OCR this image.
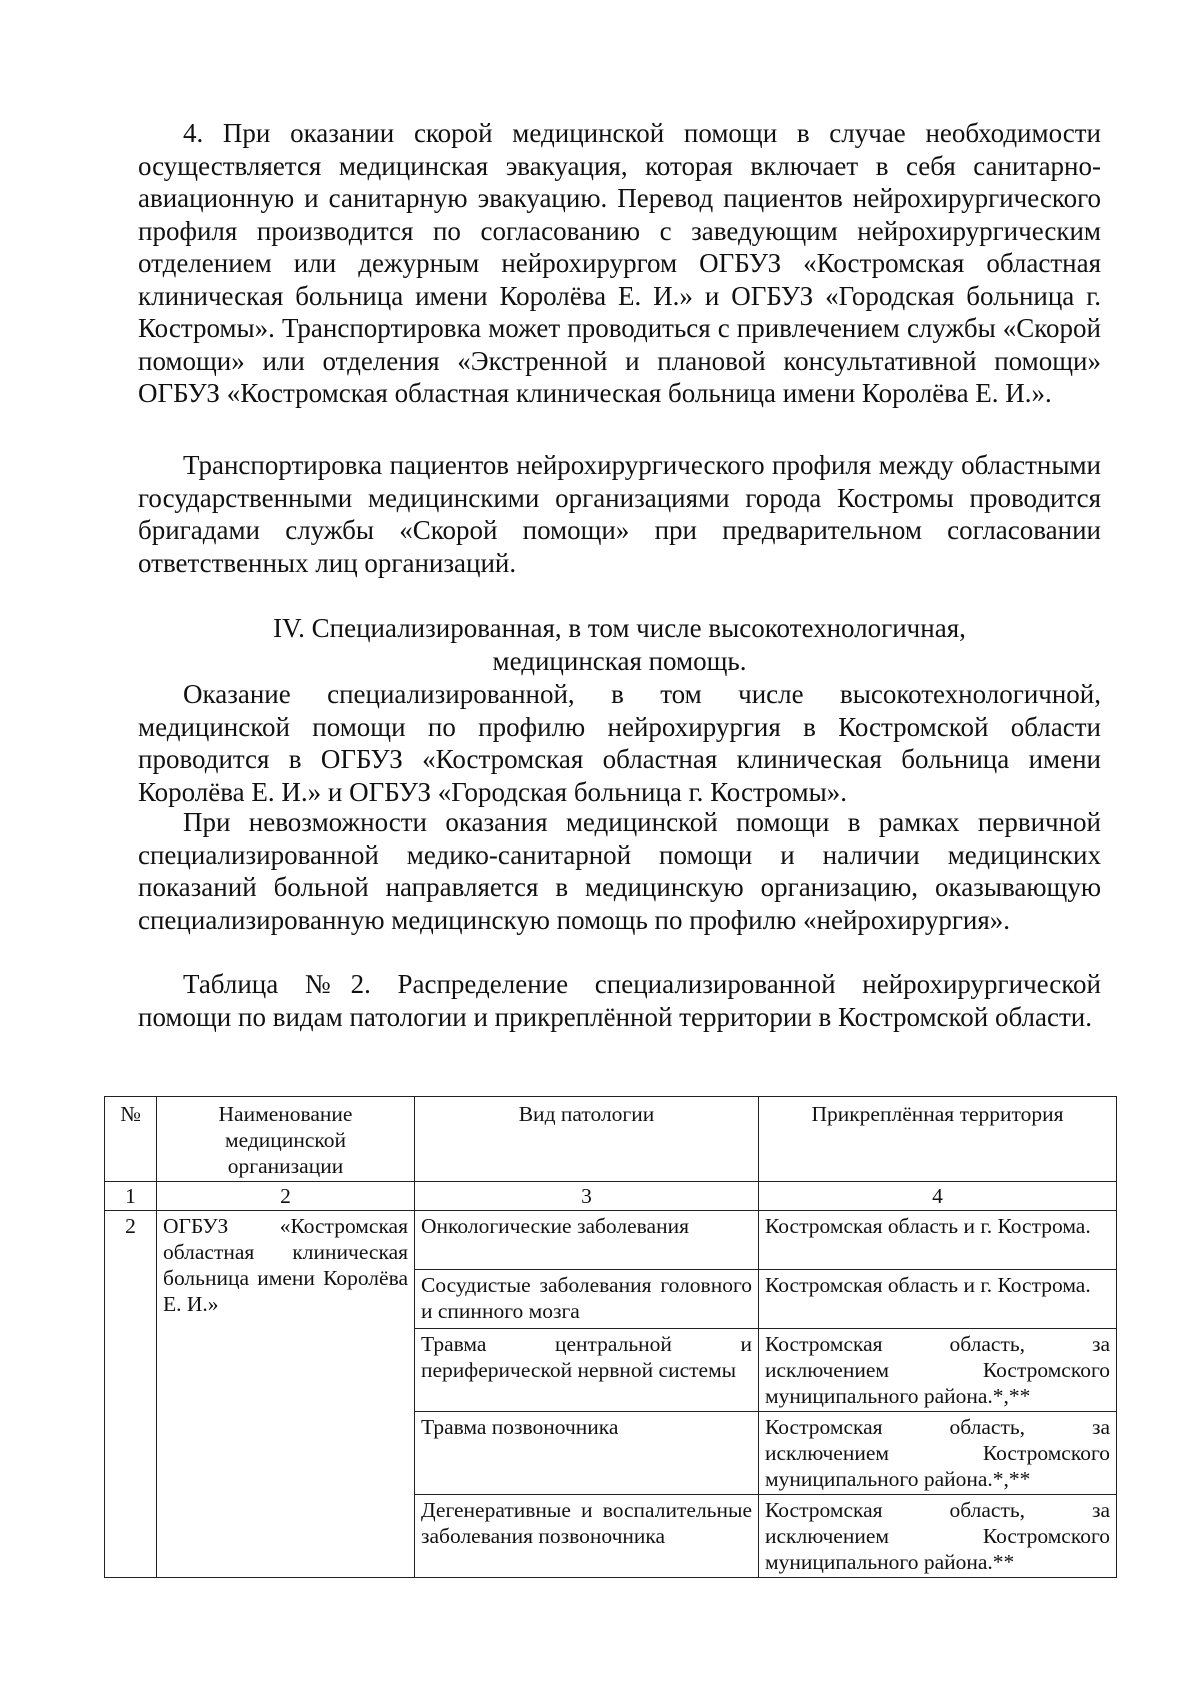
4. При оказании скорой медицинской помощи в случае необходимости осуществляется медицинская эвакуация, которая включает в себя санитарно-авиационную и санитарную эвакуацию. Перевод пациентов нейрохирургического профиля производится по согласованию с заведующим нейрохирургическим отделением или дежурным нейрохирургом ОГБУЗ «Костромская областная клиническая больница имени Королёва Е. И.» и ОГБУЗ «Городская больница г. Костромы». Транспортировка может проводиться с привлечением службы «Скорой помощи» или отделения «Экстренной и плановой консультативной помощи» ОГБУЗ «Костромская областная клиническая больница имени Королёва Е. И.».

Транспортировка пациентов нейрохирургического профиля между областными государственными медицинскими организациями города Костромы проводится бригадами службы «Скорой помощи» при предварительном согласовании ответственных лиц организаций.

IV. Специализированная, в том числе высокотехнологичная,
медицинская помощь.

Оказание специализированной, в том числе высокотехнологичной, медицинской помощи по профилю нейрохирургия в Костромской области проводится в ОГБУЗ «Костромская областная клиническая больница имени Королёва Е. И.» и ОГБУЗ «Городская больница г. Костромы».

При невозможности оказания медицинской помощи в рамках первичной специализированной медико-санитарной помощи и наличии медицинских показаний больной направляется в медицинскую организацию, оказывающую специализированную медицинскую помощь по профилю «нейрохирургия».

Таблица №2. Распределение специализированной нейрохирургической помощи по видам патологии и прикреплённой территории в Костромской области.

№	Наименование медицинской организации	Вид патологии	Прикреплённая территория
1	2	3	4
2	ОГБУЗ «Костромская областная клиническая больница имени Королёва Е. И.»	Онкологические заболевания	Костромская область и г. Кострома.
		Сосудистые заболевания головного и спинного мозга	Костромская область и г. Кострома.
		Травма центральной и периферической нервной системы	Костромская область, за исключением Костромского муниципального района.*,**
		Травма позвоночника	Костромская область, за исключением Костромского муниципального района.*,**
		Дегенеративные и воспалительные заболевания позвоночника	Костромская область, за исключением Костромского муниципального района.**
